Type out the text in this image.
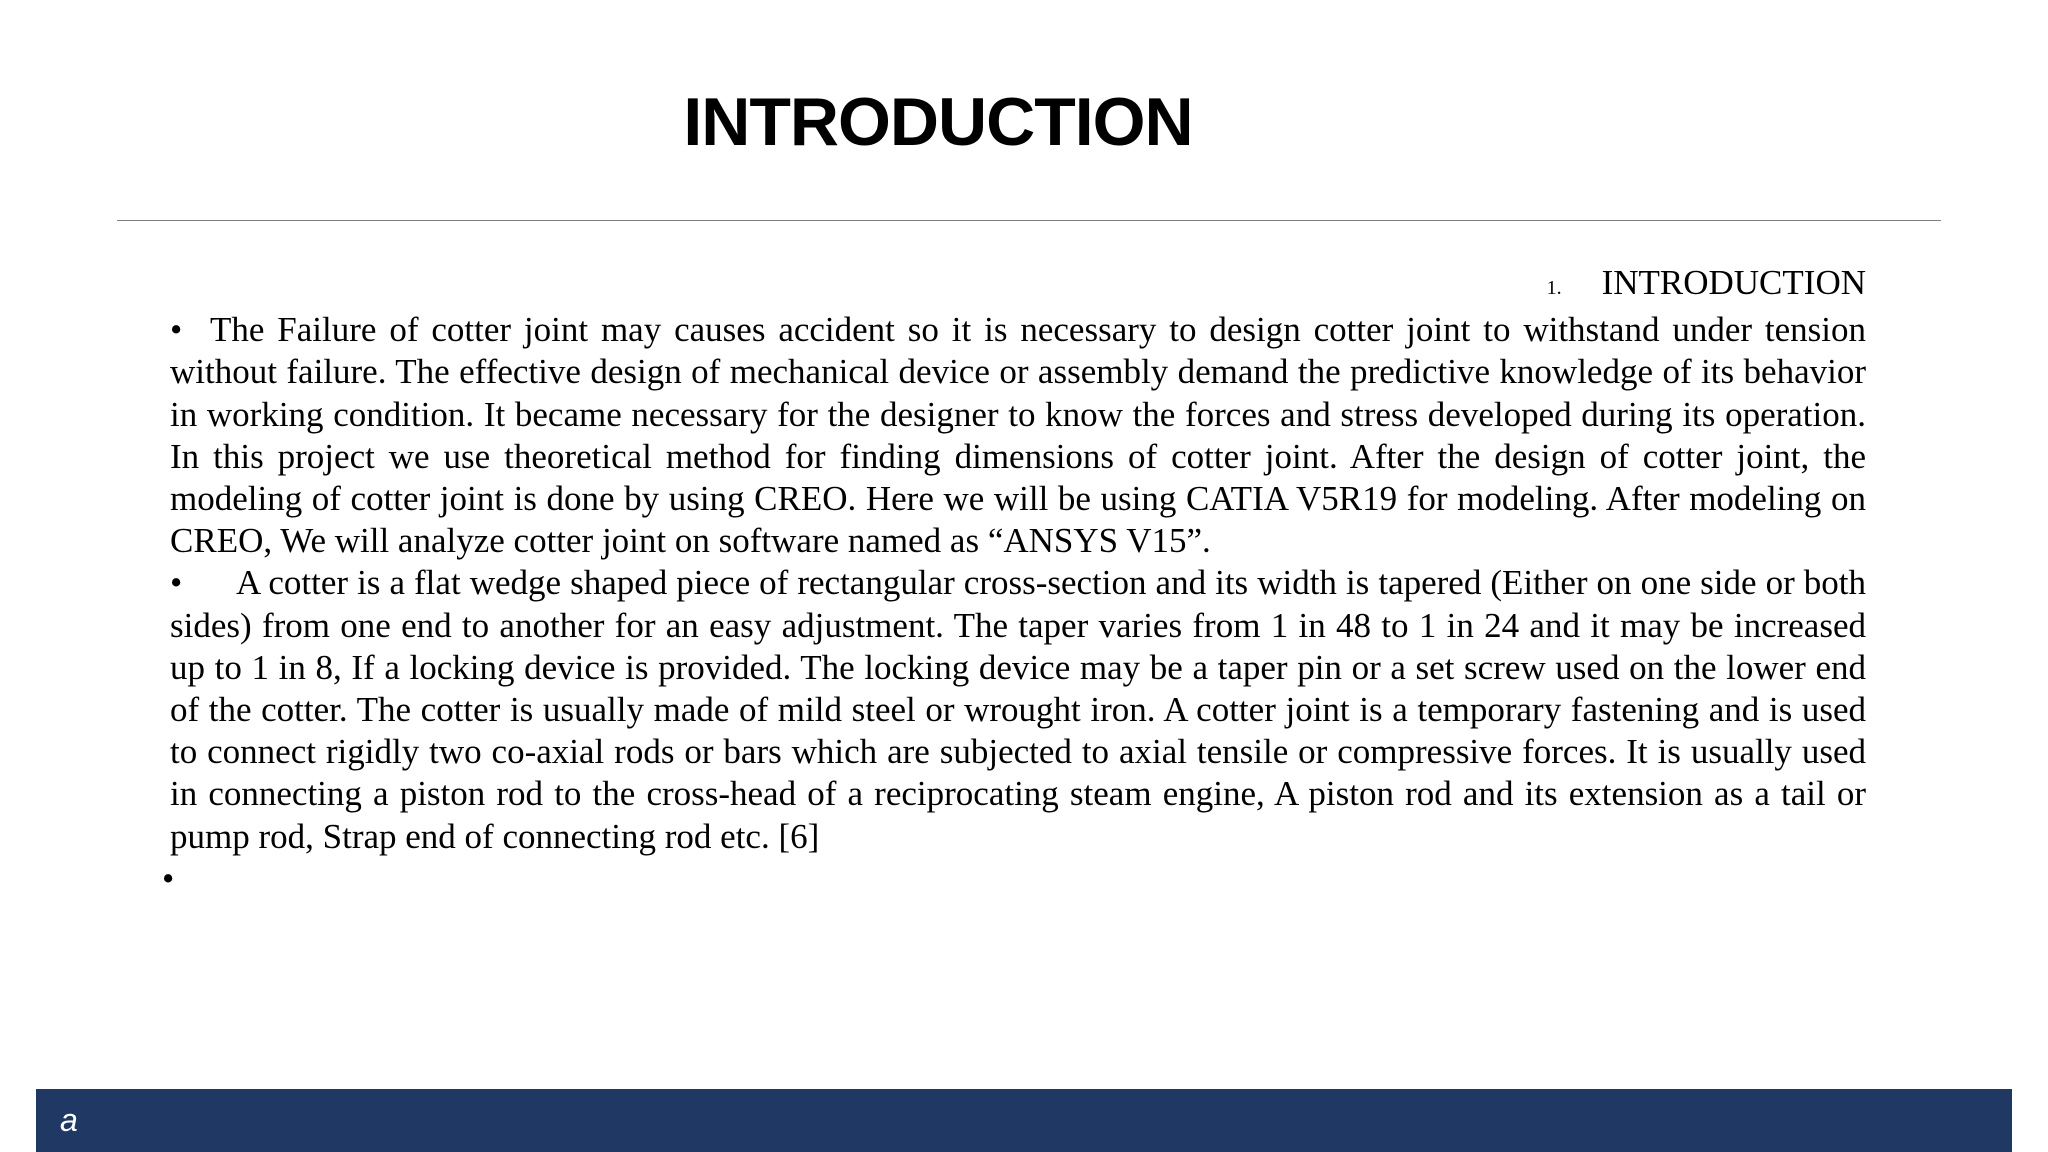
INTRODUCTION

1. INTRODUCTION

• The Failure of cotter joint may causes accident so it is necessary to design cotter joint to withstand under tension without failure. The effective design of mechanical device or assembly demand the predictive knowledge of its behavior in working condition. It became necessary for the designer to know the forces and stress developed during its operation. In this project we use theoretical method for finding dimensions of cotter joint. After the design of cotter joint, the modeling of cotter joint is done by using CREO. Here we will be using CATIA V5R19 for modeling. After modeling on CREO, We will analyze cotter joint on software named as “ANSYS V15”.

• A cotter is a flat wedge shaped piece of rectangular cross-section and its width is tapered (Either on one side or both sides) from one end to another for an easy adjustment. The taper varies from 1 in 48 to 1 in 24 and it may be increased up to 1 in 8, If a locking device is provided. The locking device may be a taper pin or a set screw used on the lower end of the cotter. The cotter is usually made of mild steel or wrought iron. A cotter joint is a temporary fastening and is used to connect rigidly two co-axial rods or bars which are subjected to axial tensile or compressive forces. It is usually used in connecting a piston rod to the cross-head of a reciprocating steam engine, A piston rod and its extension as a tail or pump rod, Strap end of connecting rod etc. [6]

•

a
